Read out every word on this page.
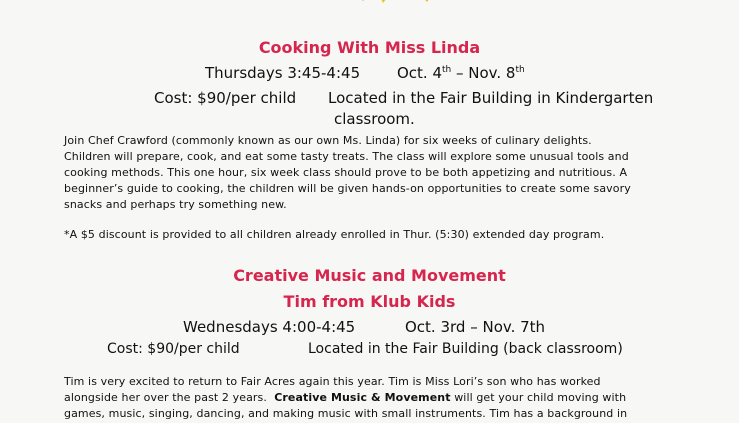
Cooking With Miss Linda
Thursdays 3:45-4:45 Oct. 4th – Nov. 8th
Cost: $90/per child Located in the Fair Building in Kindergarten
classroom.

Join Chef Crawford (commonly known as our own Ms. Linda) for six weeks of culinary delights.

Children will prepare, cook, and eat some tasty treats. The class will explore some unusual tools and

cooking methods. This one hour, six week class should prove to be both appetizing and nutritious. A

beginner’s guide to cooking, the children will be given hands-on opportunities to create some savory

snacks and perhaps try something new.

*A $5 discount is provided to all children already enrolled in Thur. (5:30) extended day program.

Creative Music and Movement
Tim from Klub Kids
Wednesdays 4:00-4:45	Oct. 3rd – Nov. 7th
Cost: $90/per child	Located in the Fair Building (back classroom)

Tim is very excited to return to Fair Acres again this year. Tim is Miss Lori’s son who has worked

alongside her over the past 2 years. Creative Music & Movement will get your child moving with

games, music, singing, dancing, and making music with small instruments. Tim has a background in
